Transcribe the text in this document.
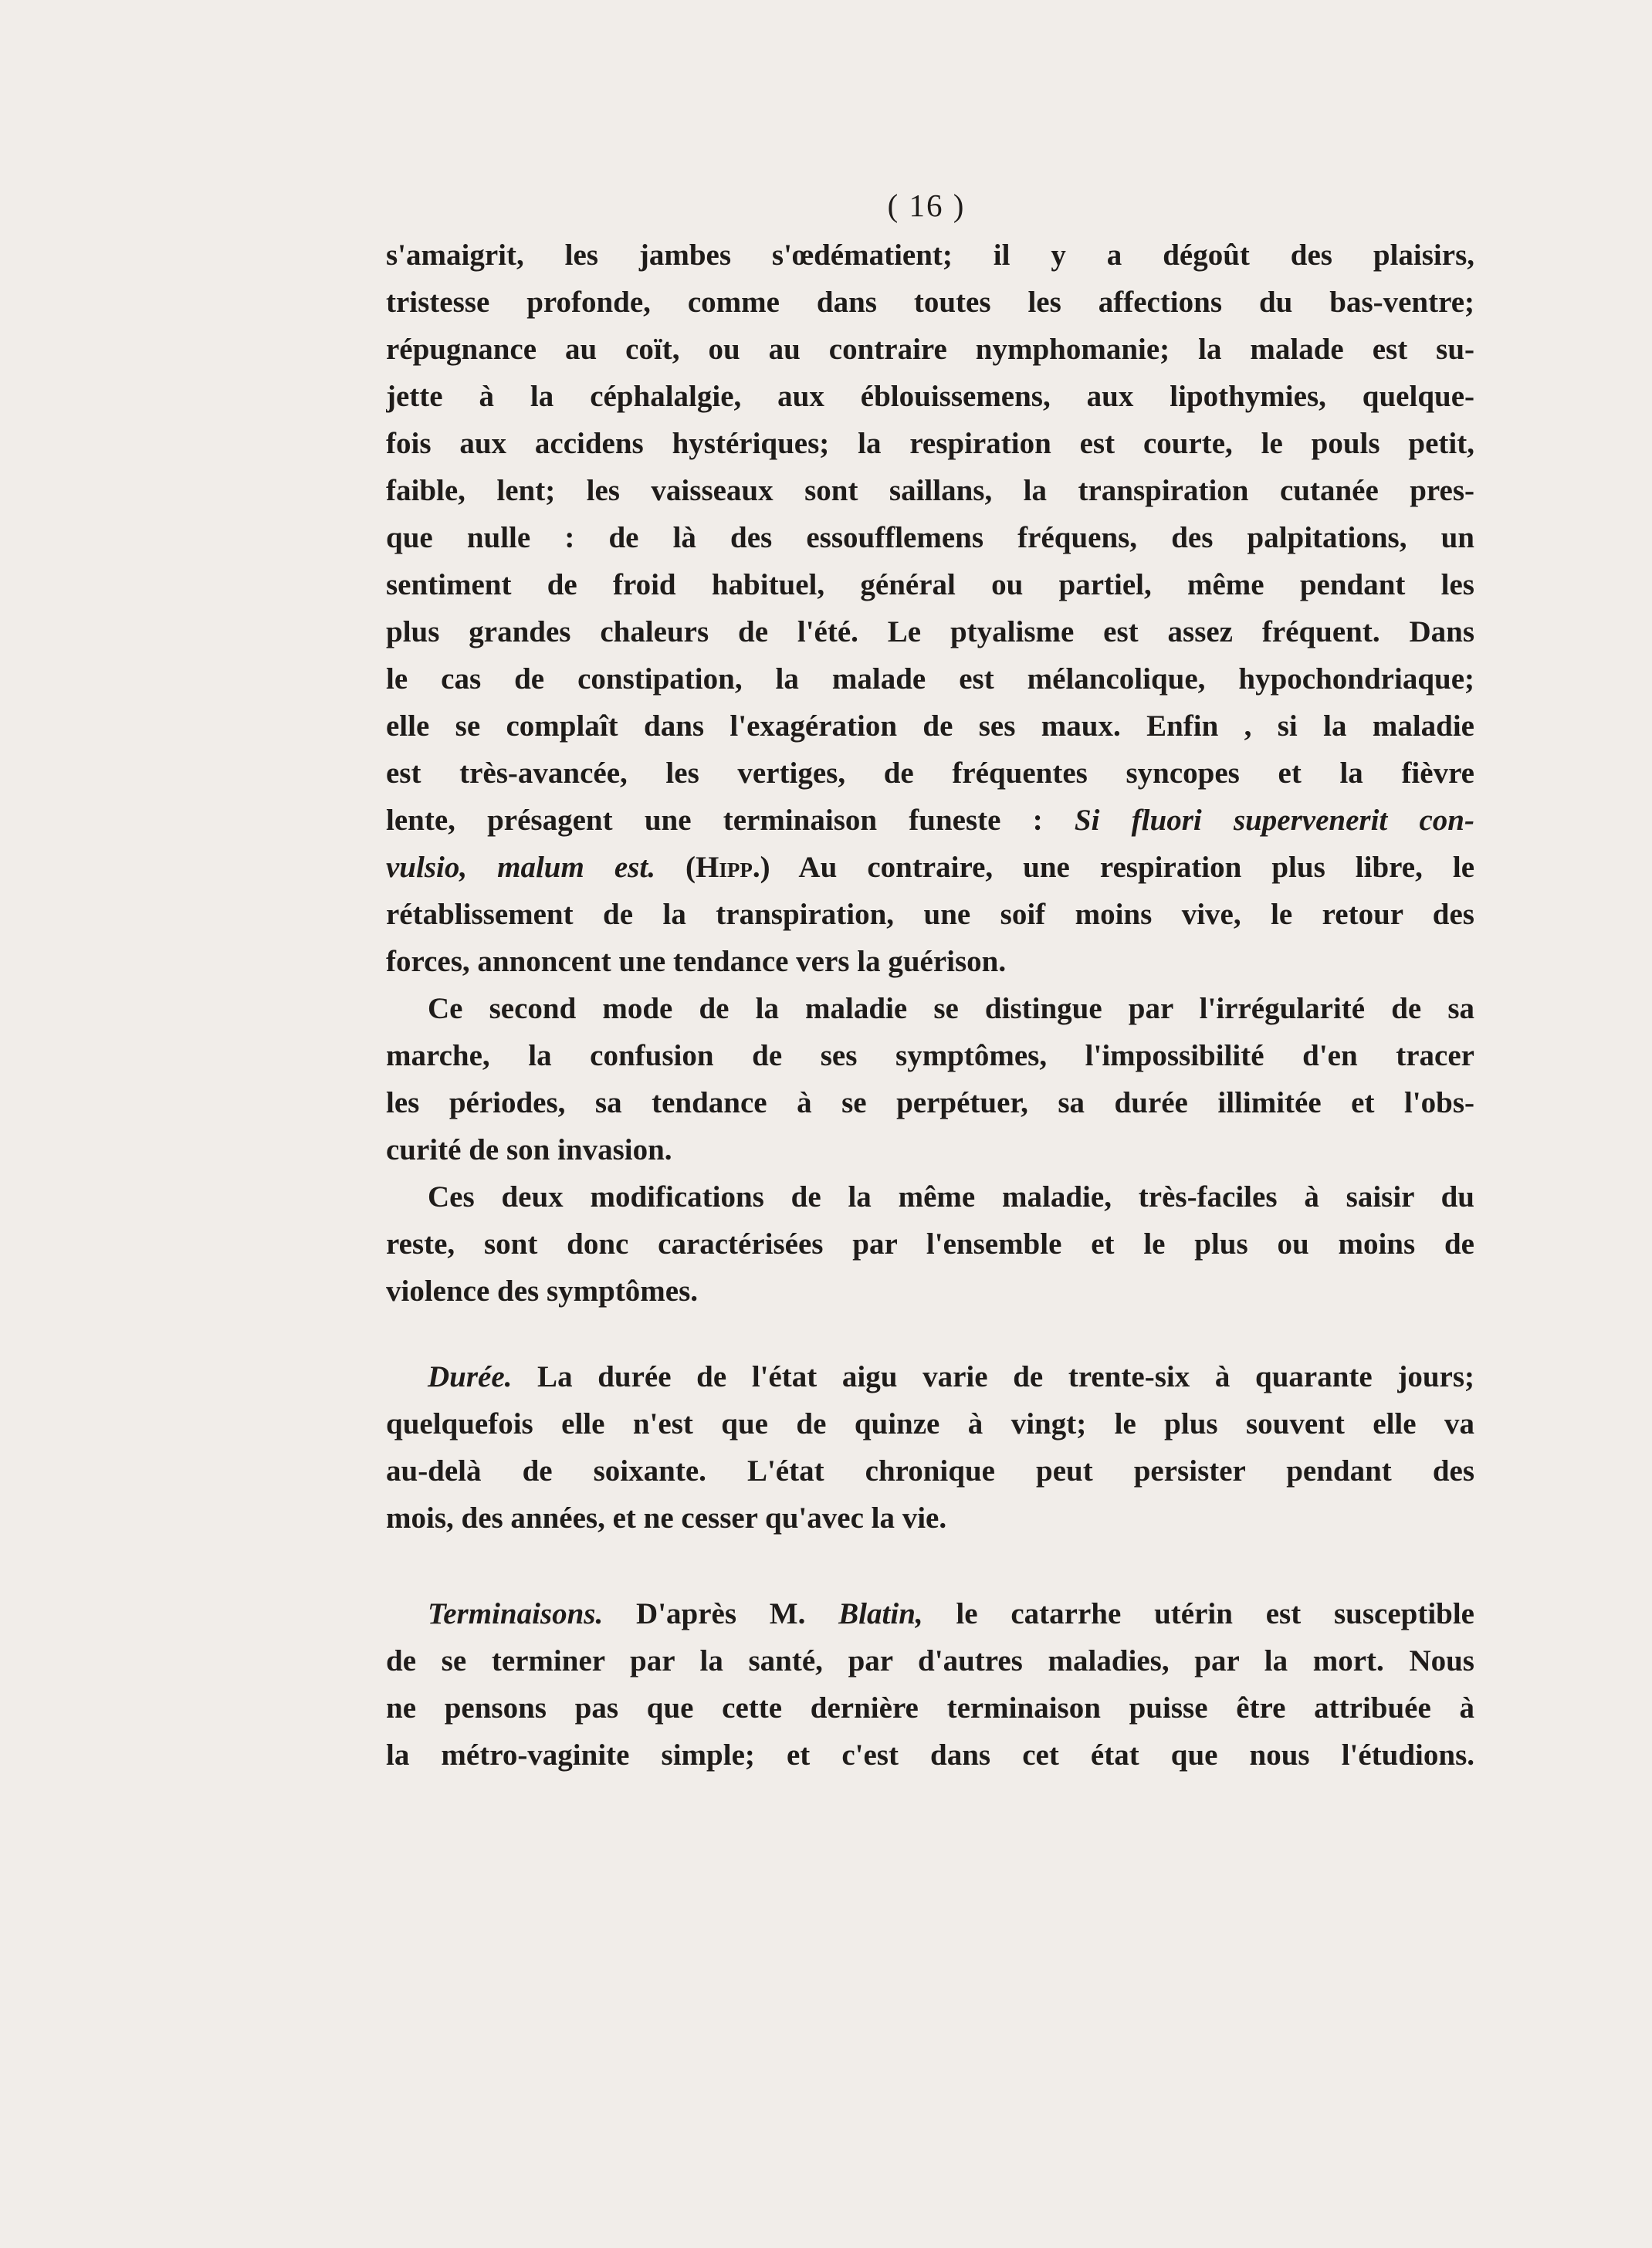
( 16 )
s'amaigrit, les jambes s'œdématient; il y a dégoût des plaisirs,
tristesse profonde, comme dans toutes les affections du bas-ventre;
répugnance au coït, ou au contraire nymphomanie; la malade est su-
jette à la céphalalgie, aux éblouissemens, aux lipothymies, quelque-
fois aux accidens hystériques; la respiration est courte, le pouls petit,
faible, lent; les vaisseaux sont saillans, la transpiration cutanée pres-
que nulle : de là des essoufflemens fréquens, des palpitations, un
sentiment de froid habituel, général ou partiel, même pendant les
plus grandes chaleurs de l'été. Le ptyalisme est assez fréquent. Dans
le cas de constipation, la malade est mélancolique, hypochondriaque;
elle se complaît dans l'exagération de ses maux. Enfin , si la maladie
est très-avancée, les vertiges, de fréquentes syncopes et la fièvre
lente, présagent une terminaison funeste : Si fluori supervenerit con-
vulsio, malum est. (Hipp.) Au contraire, une respiration plus libre, le
rétablissement de la transpiration, une soif moins vive, le retour des
forces, annoncent une tendance vers la guérison.
Ce second mode de la maladie se distingue par l'irrégularité de sa
marche, la confusion de ses symptômes, l'impossibilité d'en tracer
les périodes, sa tendance à se perpétuer, sa durée illimitée et l'obs-
curité de son invasion.
Ces deux modifications de la même maladie, très-faciles à saisir du
reste, sont donc caractérisées par l'ensemble et le plus ou moins de
violence des symptômes.
Durée. La durée de l'état aigu varie de trente-six à quarante jours;
quelquefois elle n'est que de quinze à vingt; le plus souvent elle va
au-delà de soixante. L'état chronique peut persister pendant des
mois, des années, et ne cesser qu'avec la vie.
Terminaisons. D'après M. Blatin, le catarrhe utérin est susceptible
de se terminer par la santé, par d'autres maladies, par la mort. Nous
ne pensons pas que cette dernière terminaison puisse être attribuée à
la métro-vaginite simple; et c'est dans cet état que nous l'étudions.
